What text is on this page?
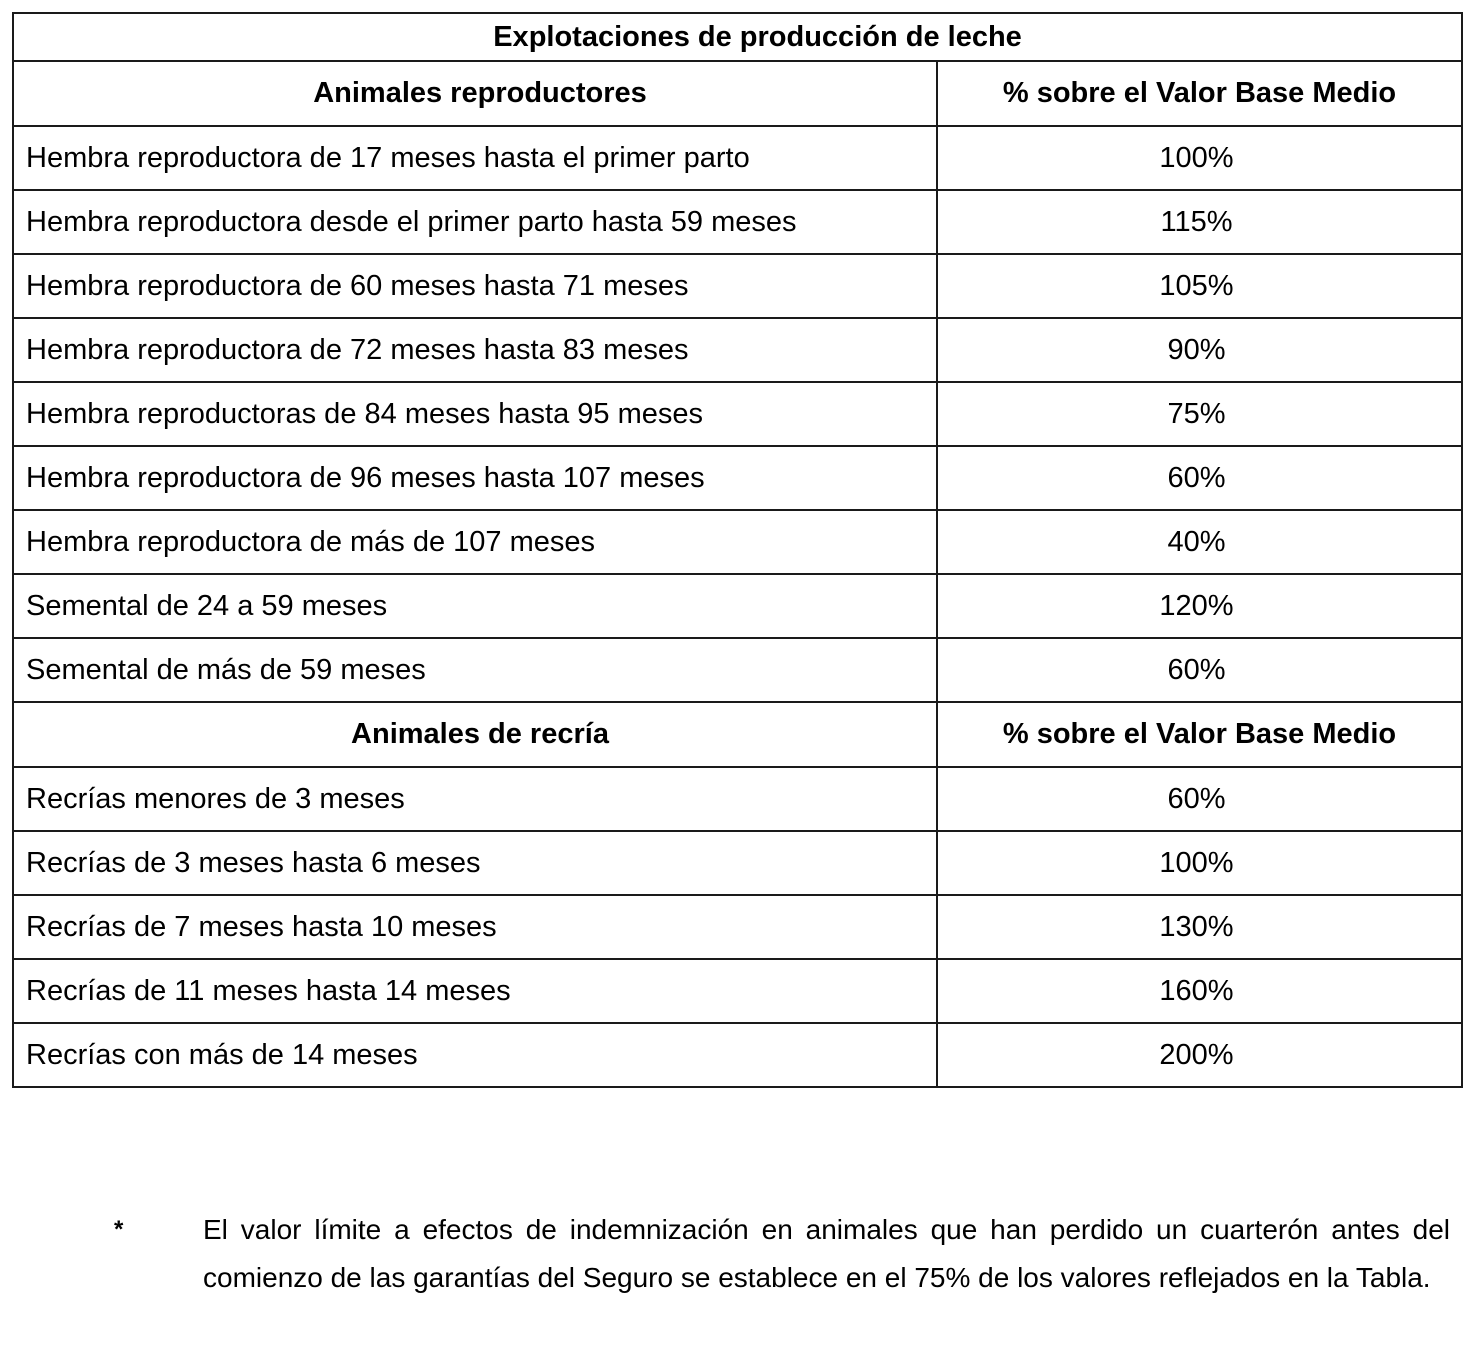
Explotaciones de producción de leche	
Animales reproductores	% sobre el Valor Base Medio
Hembra reproductora de 17 meses hasta el primer parto	100%
Hembra reproductora desde el primer parto hasta 59 meses	115%
Hembra reproductora de 60 meses hasta 71 meses	105%
Hembra reproductora de 72 meses hasta 83 meses	90%
Hembra reproductoras de 84 meses hasta 95 meses	75%
Hembra reproductora de 96 meses hasta 107 meses	60%
Hembra reproductora de más de 107 meses	40%
Semental de 24 a 59 meses	120%
Semental de más de 59 meses	60%
Animales de recría	% sobre el Valor Base Medio
Recrías menores de 3 meses	60%
Recrías de 3 meses hasta 6 meses	100%
Recrías de 7 meses hasta 10 meses	130%
Recrías de 11 meses hasta 14 meses	160%
Recrías con más de 14 meses	200%
*	El valor límite a efectos de indemnización en animales que han perdido un cuarterón antes del comienzo de las garantías del Seguro se establece en el 75% de los valores reflejados en la Tabla.
